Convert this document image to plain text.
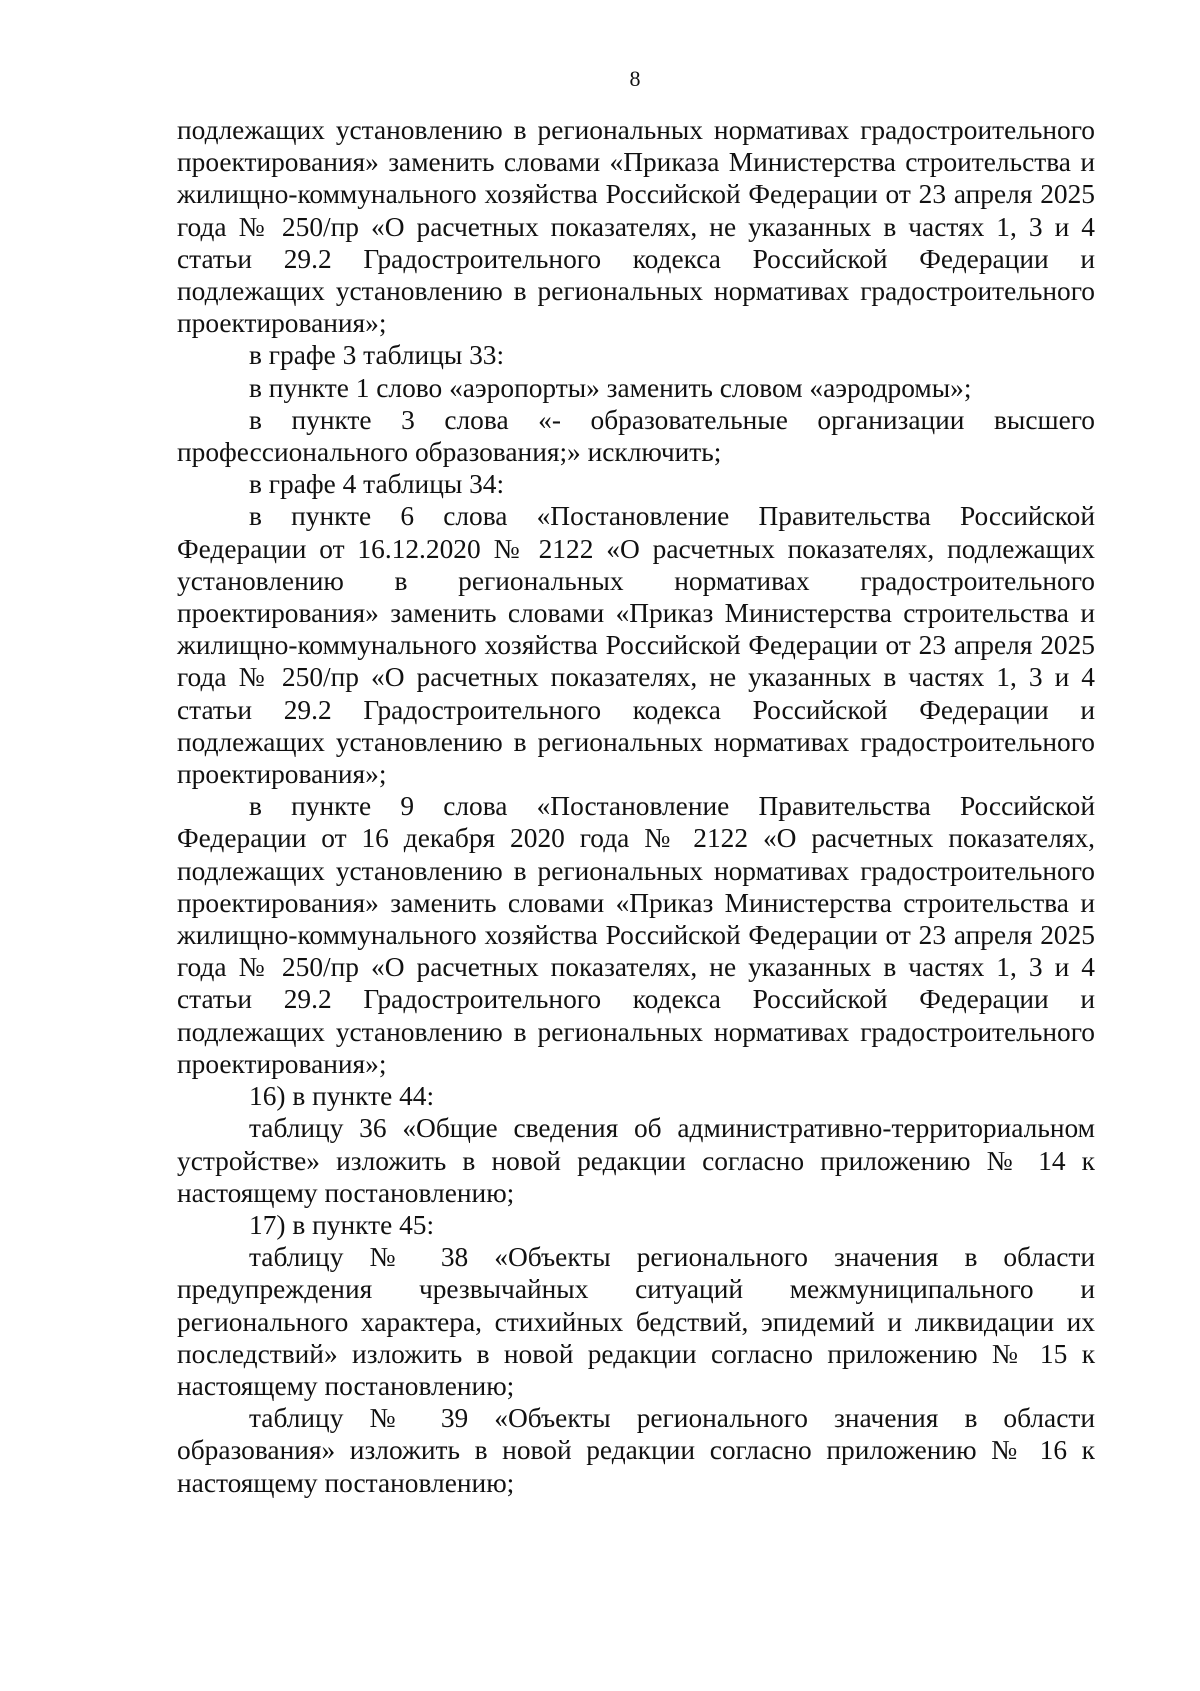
8

подлежащих установлению в региональных нормативах градостроительного проектирования» заменить словами «Приказа Министерства строительства и жилищно-коммунального хозяйства Российской Федерации от 23 апреля 2025 года № 250/пр «О расчетных показателях, не указанных в частях 1, 3 и 4 статьи 29.2 Градостроительного кодекса Российской Федерации и подлежащих установлению в региональных нормативах градостроительного проектирования»;

в графе 3 таблицы 33:

в пункте 1 слово «аэропорты» заменить словом «аэродромы»;

в пункте 3 слова «- образовательные организации высшего профессионального образования;» исключить;

в графе 4 таблицы 34:

в пункте 6 слова «Постановление Правительства Российской Федерации от 16.12.2020 № 2122 «О расчетных показателях, подлежащих установлению в региональных нормативах градостроительного проектирования» заменить словами «Приказ Министерства строительства и жилищно-коммунального хозяйства Российской Федерации от 23 апреля 2025 года № 250/пр «О расчетных показателях, не указанных в частях 1, 3 и 4 статьи 29.2 Градостроительного кодекса Российской Федерации и подлежащих установлению в региональных нормативах градостроительного проектирования»;

в пункте 9 слова «Постановление Правительства Российской Федерации от 16 декабря 2020 года № 2122 «О расчетных показателях, подлежащих установлению в региональных нормативах градостроительного проектирования» заменить словами «Приказ Министерства строительства и жилищно-коммунального хозяйства Российской Федерации от 23 апреля 2025 года № 250/пр «О расчетных показателях, не указанных в частях 1, 3 и 4 статьи 29.2 Градостроительного кодекса Российской Федерации и подлежащих установлению в региональных нормативах градостроительного проектирования»;

16) в пункте 44:

таблицу 36 «Общие сведения об административно-территориальном устройстве» изложить в новой редакции согласно приложению № 14 к настоящему постановлению;

17) в пункте 45:

таблицу № 38 «Объекты регионального значения в области предупреждения чрезвычайных ситуаций межмуниципального и регионального характера, стихийных бедствий, эпидемий и ликвидации их последствий» изложить в новой редакции согласно приложению № 15 к настоящему постановлению;

таблицу № 39 «Объекты регионального значения в области образования» изложить в новой редакции согласно приложению № 16 к настоящему постановлению;
